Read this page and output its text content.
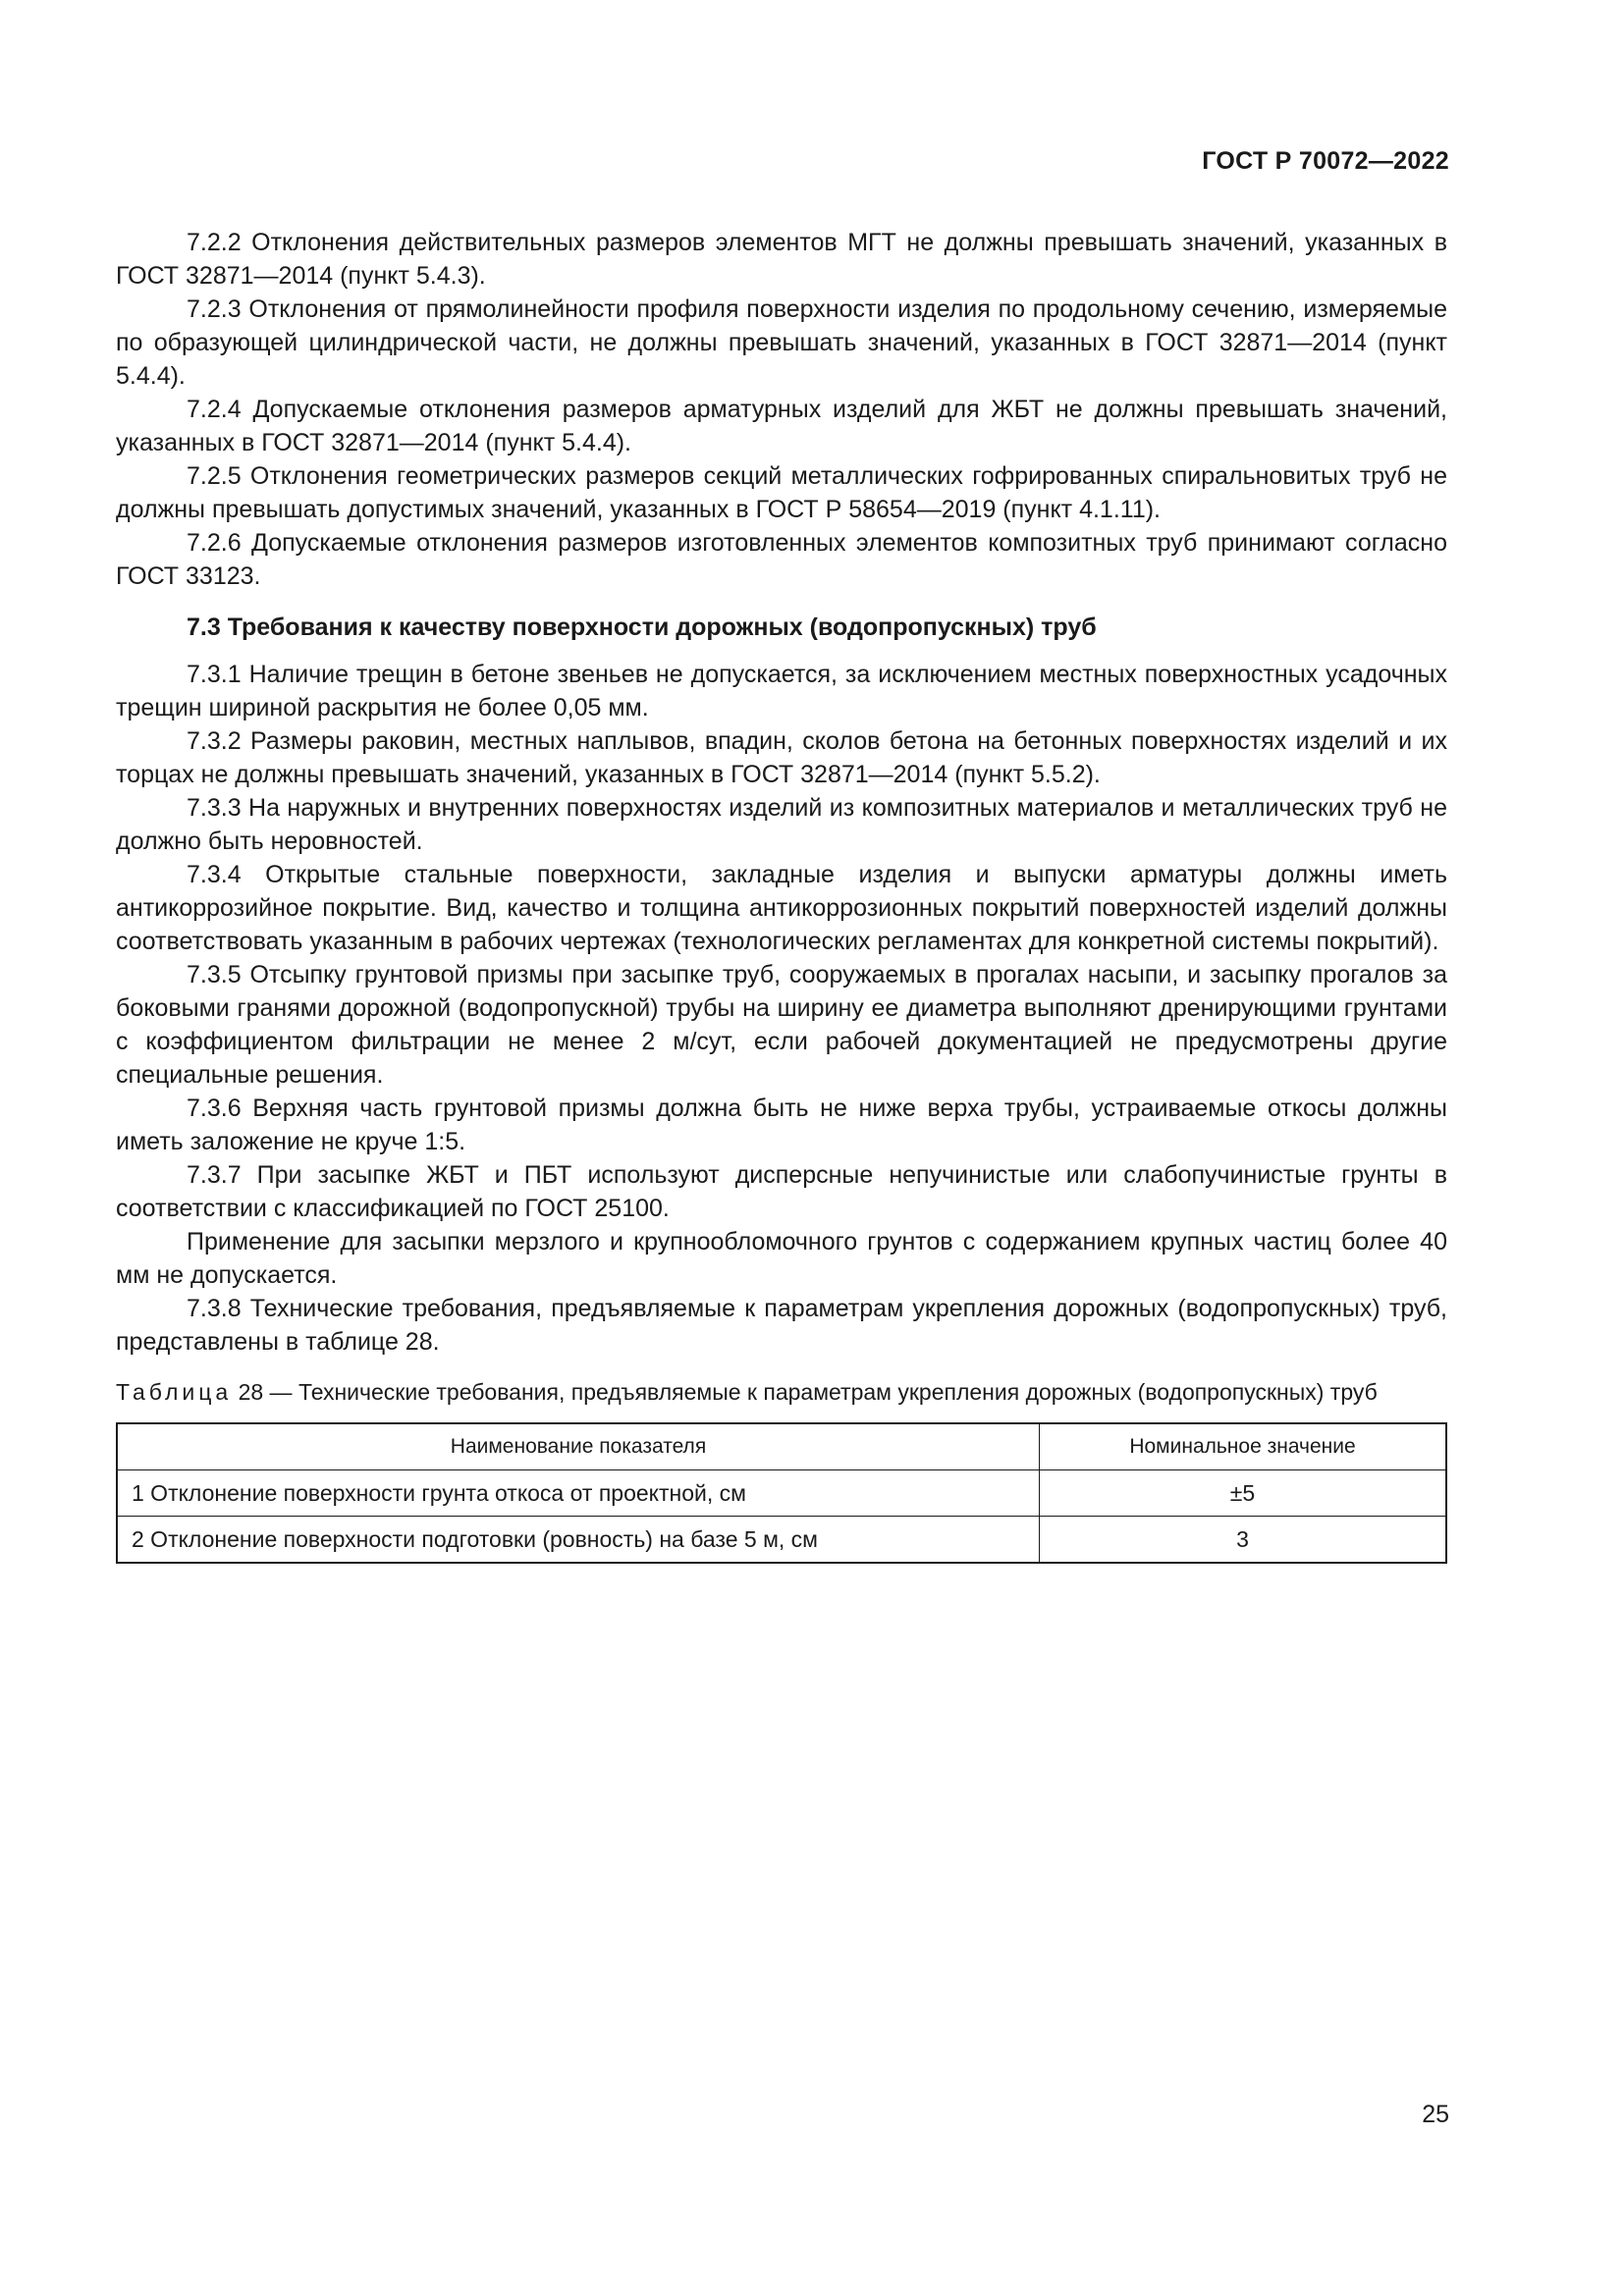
ГОСТ Р 70072—2022

7.2.2 Отклонения действительных размеров элементов МГТ не должны превышать значений, указанных в ГОСТ 32871—2014 (пункт 5.4.3).

7.2.3 Отклонения от прямолинейности профиля поверхности изделия по продольному сечению, измеряемые по образующей цилиндрической части, не должны превышать значений, указанных в ГОСТ 32871—2014 (пункт 5.4.4).

7.2.4 Допускаемые отклонения размеров арматурных изделий для ЖБТ не должны превышать значений, указанных в ГОСТ 32871—2014 (пункт 5.4.4).

7.2.5 Отклонения геометрических размеров секций металлических гофрированных спиральновитых труб не должны превышать допустимых значений, указанных в ГОСТ Р 58654—2019 (пункт 4.1.11).

7.2.6 Допускаемые отклонения размеров изготовленных элементов композитных труб принимают согласно ГОСТ 33123.

7.3 Требования к качеству поверхности дорожных (водопропускных) труб

7.3.1 Наличие трещин в бетоне звеньев не допускается, за исключением местных поверхностных усадочных трещин шириной раскрытия не более 0,05 мм.

7.3.2 Размеры раковин, местных наплывов, впадин, сколов бетона на бетонных поверхностях изделий и их торцах не должны превышать значений, указанных в ГОСТ 32871—2014 (пункт 5.5.2).

7.3.3 На наружных и внутренних поверхностях изделий из композитных материалов и металлических труб не должно быть неровностей.

7.3.4 Открытые стальные поверхности, закладные изделия и выпуски арматуры должны иметь антикоррозийное покрытие. Вид, качество и толщина антикоррозионных покрытий поверхностей изделий должны соответствовать указанным в рабочих чертежах (технологических регламентах для конкретной системы покрытий).

7.3.5 Отсыпку грунтовой призмы при засыпке труб, сооружаемых в прогалах насыпи, и засыпку прогалов за боковыми гранями дорожной (водопропускной) трубы на ширину ее диаметра выполняют дренирующими грунтами с коэффициентом фильтрации не менее 2 м/сут, если рабочей документацией не предусмотрены другие специальные решения.

7.3.6 Верхняя часть грунтовой призмы должна быть не ниже верха трубы, устраиваемые откосы должны иметь заложение не круче 1:5.

7.3.7 При засыпке ЖБТ и ПБТ используют дисперсные непучинистые или слабопучинистые грунты в соответствии с классификацией по ГОСТ 25100.

Применение для засыпки мерзлого и крупнообломочного грунтов с содержанием крупных частиц более 40 мм не допускается.

7.3.8 Технические требования, предъявляемые к параметрам укрепления дорожных (водопропускных) труб, представлены в таблице 28.

Таблица 28 — Технические требования, предъявляемые к параметрам укрепления дорожных (водопропускных) труб

Наименование показателя	Номинальное значение
1 Отклонение поверхности грунта откоса от проектной, см	±5
2 Отклонение поверхности подготовки (ровность) на базе 5 м, см	3
25
